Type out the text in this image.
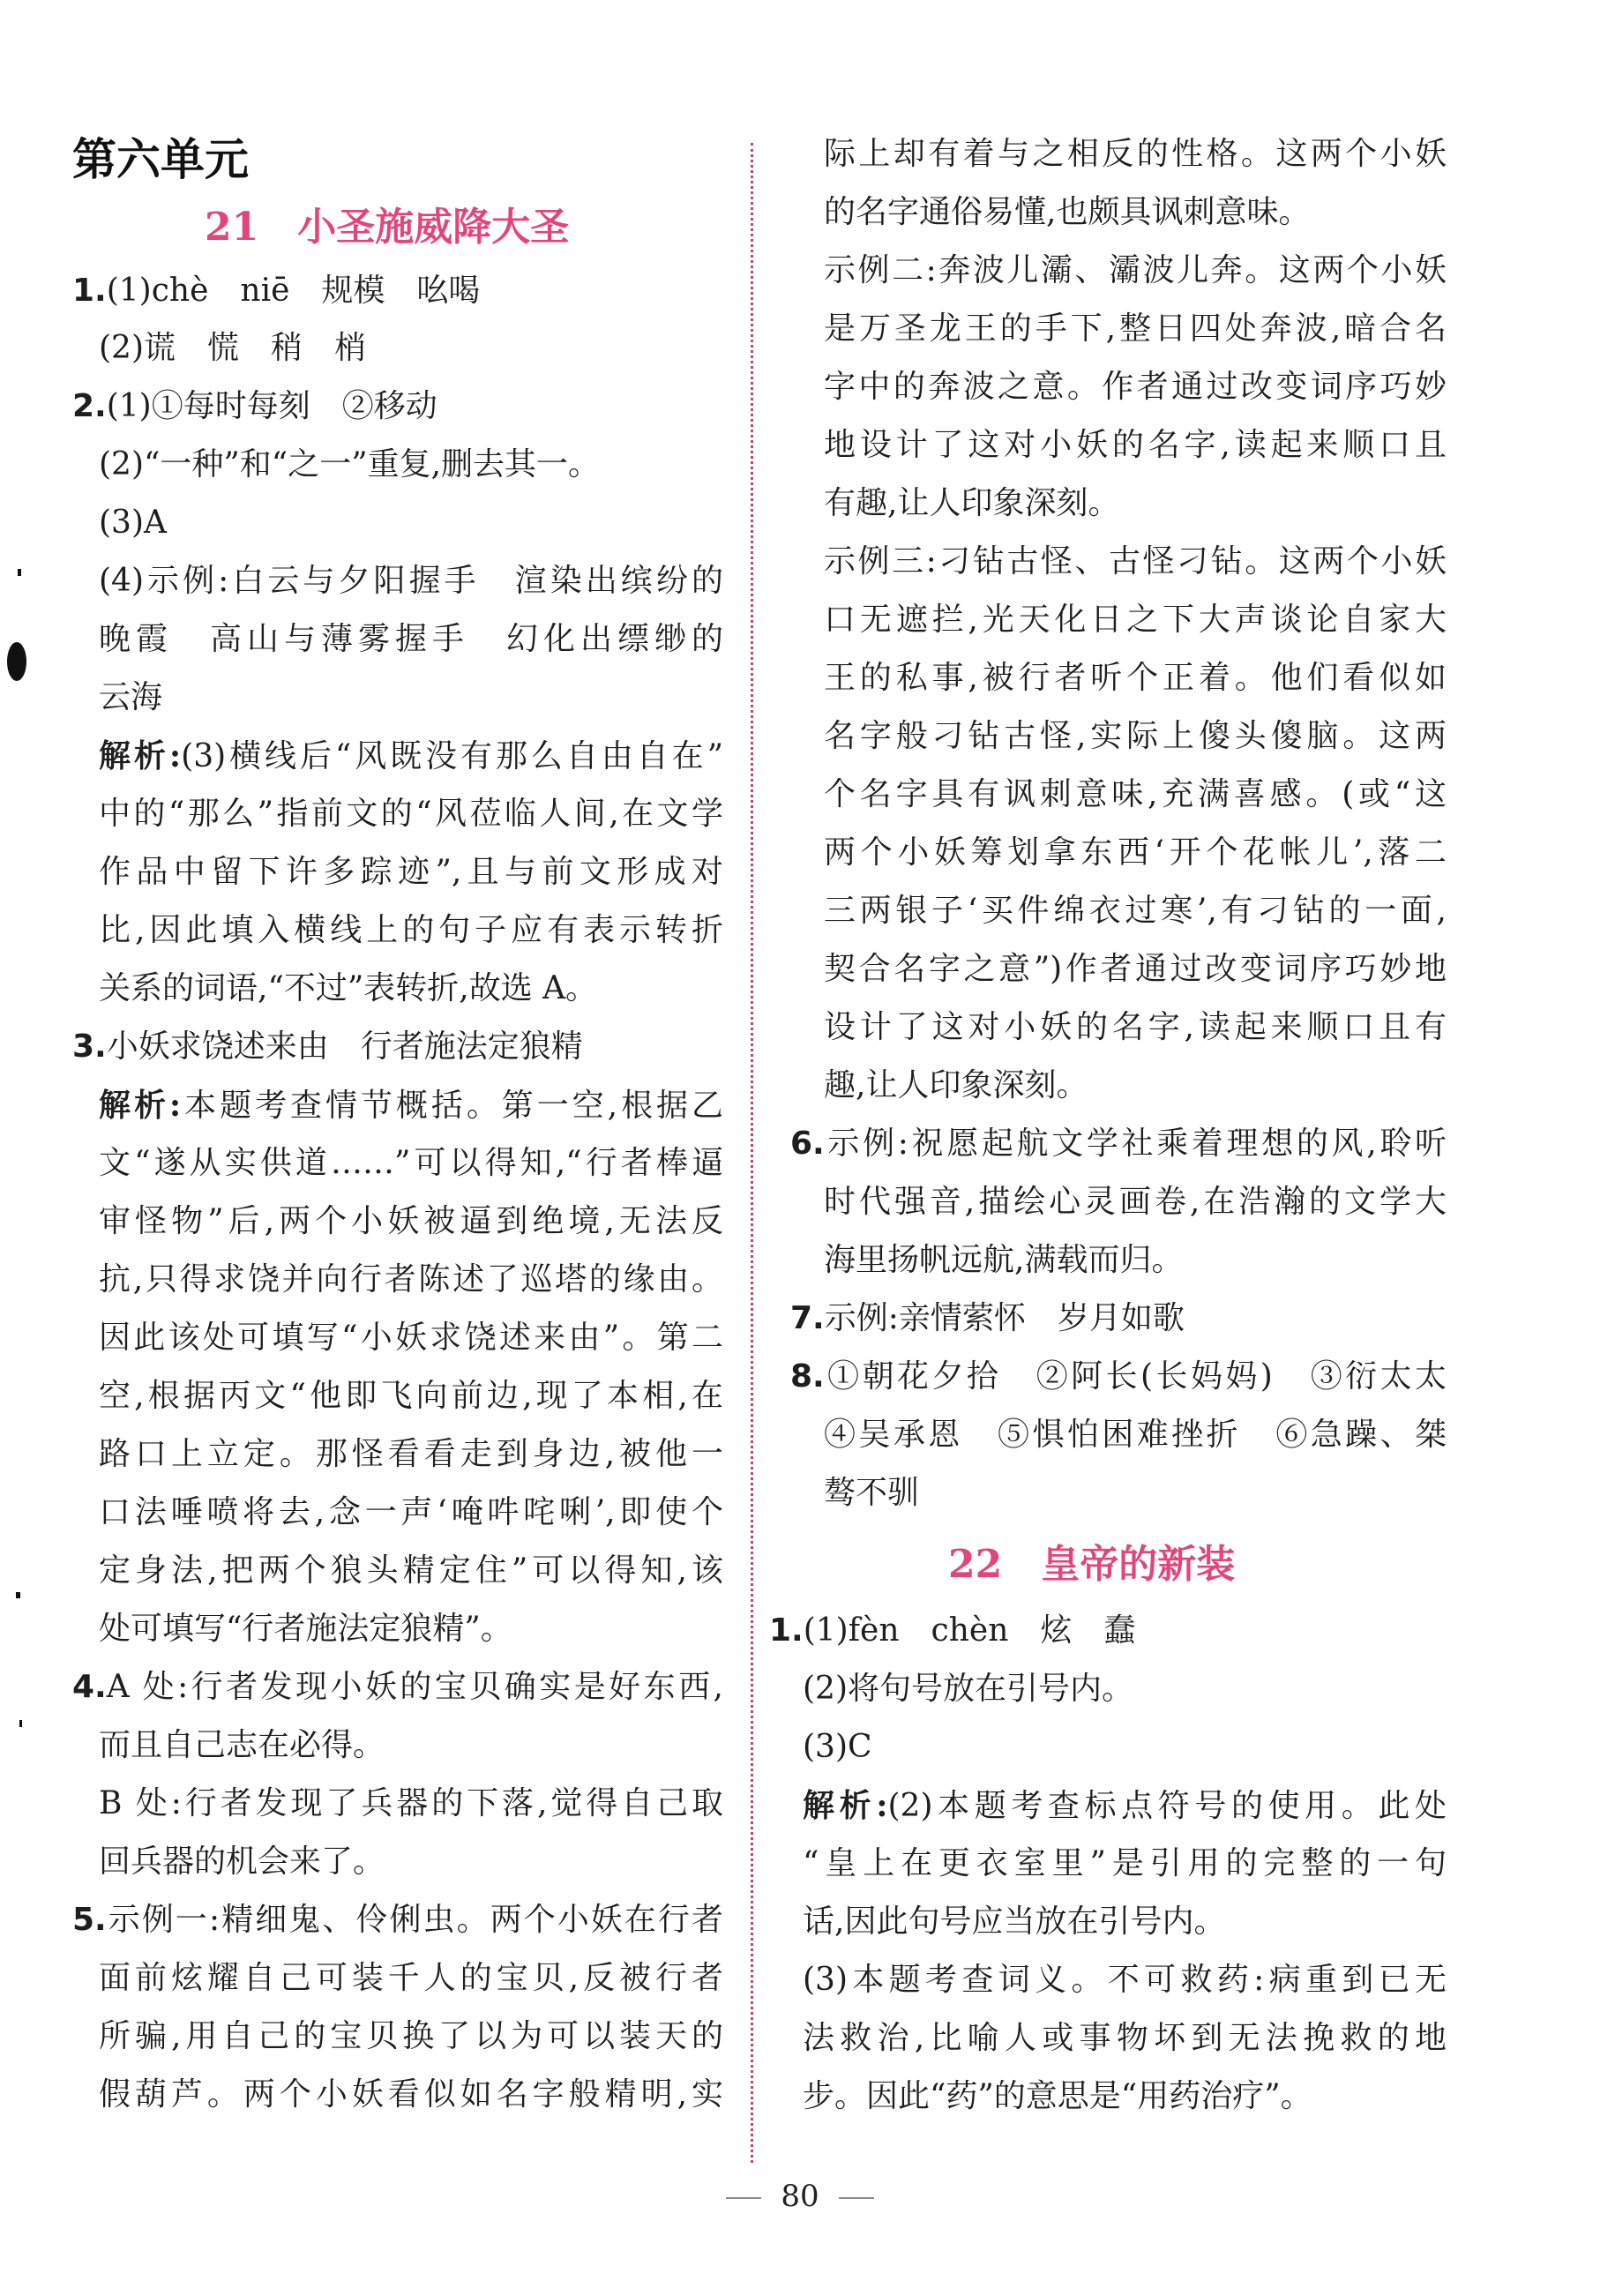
第六单元
21 小圣施威降大圣
1.(1)chè　niē　规模　吆喝
(2)谎　慌　稍　梢
2.(1)①每时每刻　②移动
(2)“一种”和“之一”重复,删去其一。
(3)A
(4)示例:白云与夕阳握手　渲染出缤纷的
晚霞　高山与薄雾握手　幻化出缥缈的
云海
解析:(3)横线后“风既没有那么自由自在”
中的“那么”指前文的“风莅临人间,在文学
作品中留下许多踪迹”,且与前文形成对
比,因此填入横线上的句子应有表示转折
关系的词语,“不过”表转折,故选 A。
3.小妖求饶述来由　行者施法定狼精
解析:本题考查情节概括。第一空,根据乙
文“遂从实供道……”可以得知,“行者棒逼
审怪物”后,两个小妖被逼到绝境,无法反
抗,只得求饶并向行者陈述了巡塔的缘由。
因此该处可填写“小妖求饶述来由”。第二
空,根据丙文“他即飞向前边,现了本相,在
路口上立定。那怪看看走到身边,被他一
口法唾喷将去,念一声‘唵吽咤唎’,即使个
定身法,把两个狼头精定住”可以得知,该
处可填写“行者施法定狼精”。
4.A 处:行者发现小妖的宝贝确实是好东西,
而且自己志在必得。
B 处:行者发现了兵器的下落,觉得自己取
回兵器的机会来了。
5.示例一:精细鬼、伶俐虫。两个小妖在行者
面前炫耀自己可装千人的宝贝,反被行者
所骗,用自己的宝贝换了以为可以装天的
假葫芦。两个小妖看似如名字般精明,实
际上却有着与之相反的性格。这两个小妖
的名字通俗易懂,也颇具讽刺意味。
示例二:奔波儿灞、灞波儿奔。这两个小妖
是万圣龙王的手下,整日四处奔波,暗合名
字中的奔波之意。作者通过改变词序巧妙
地设计了这对小妖的名字,读起来顺口且
有趣,让人印象深刻。
示例三:刁钻古怪、古怪刁钻。这两个小妖
口无遮拦,光天化日之下大声谈论自家大
王的私事,被行者听个正着。他们看似如
名字般刁钻古怪,实际上傻头傻脑。这两
个名字具有讽刺意味,充满喜感。(或“这
两个小妖筹划拿东西‘开个花帐儿’,落二
三两银子‘买件绵衣过寒’,有刁钻的一面,
契合名字之意”)作者通过改变词序巧妙地
设计了这对小妖的名字,读起来顺口且有
趣,让人印象深刻。
6.示例:祝愿起航文学社乘着理想的风,聆听
时代强音,描绘心灵画卷,在浩瀚的文学大
海里扬帆远航,满载而归。
7.示例:亲情萦怀　岁月如歌
8.①朝花夕拾　②阿长(长妈妈)　③衍太太
④吴承恩　⑤惧怕困难挫折　⑥急躁、桀
骜不驯
22 皇帝的新装
1.(1)fèn　chèn　炫　蠢
(2)将句号放在引号内。
(3)C
解析:(2)本题考查标点符号的使用。此处
“皇上在更衣室里”是引用的完整的一句
话,因此句号应当放在引号内。
(3)本题考查词义。不可救药:病重到已无
法救治,比喻人或事物坏到无法挽救的地
步。因此“药”的意思是“用药治疗”。
80
